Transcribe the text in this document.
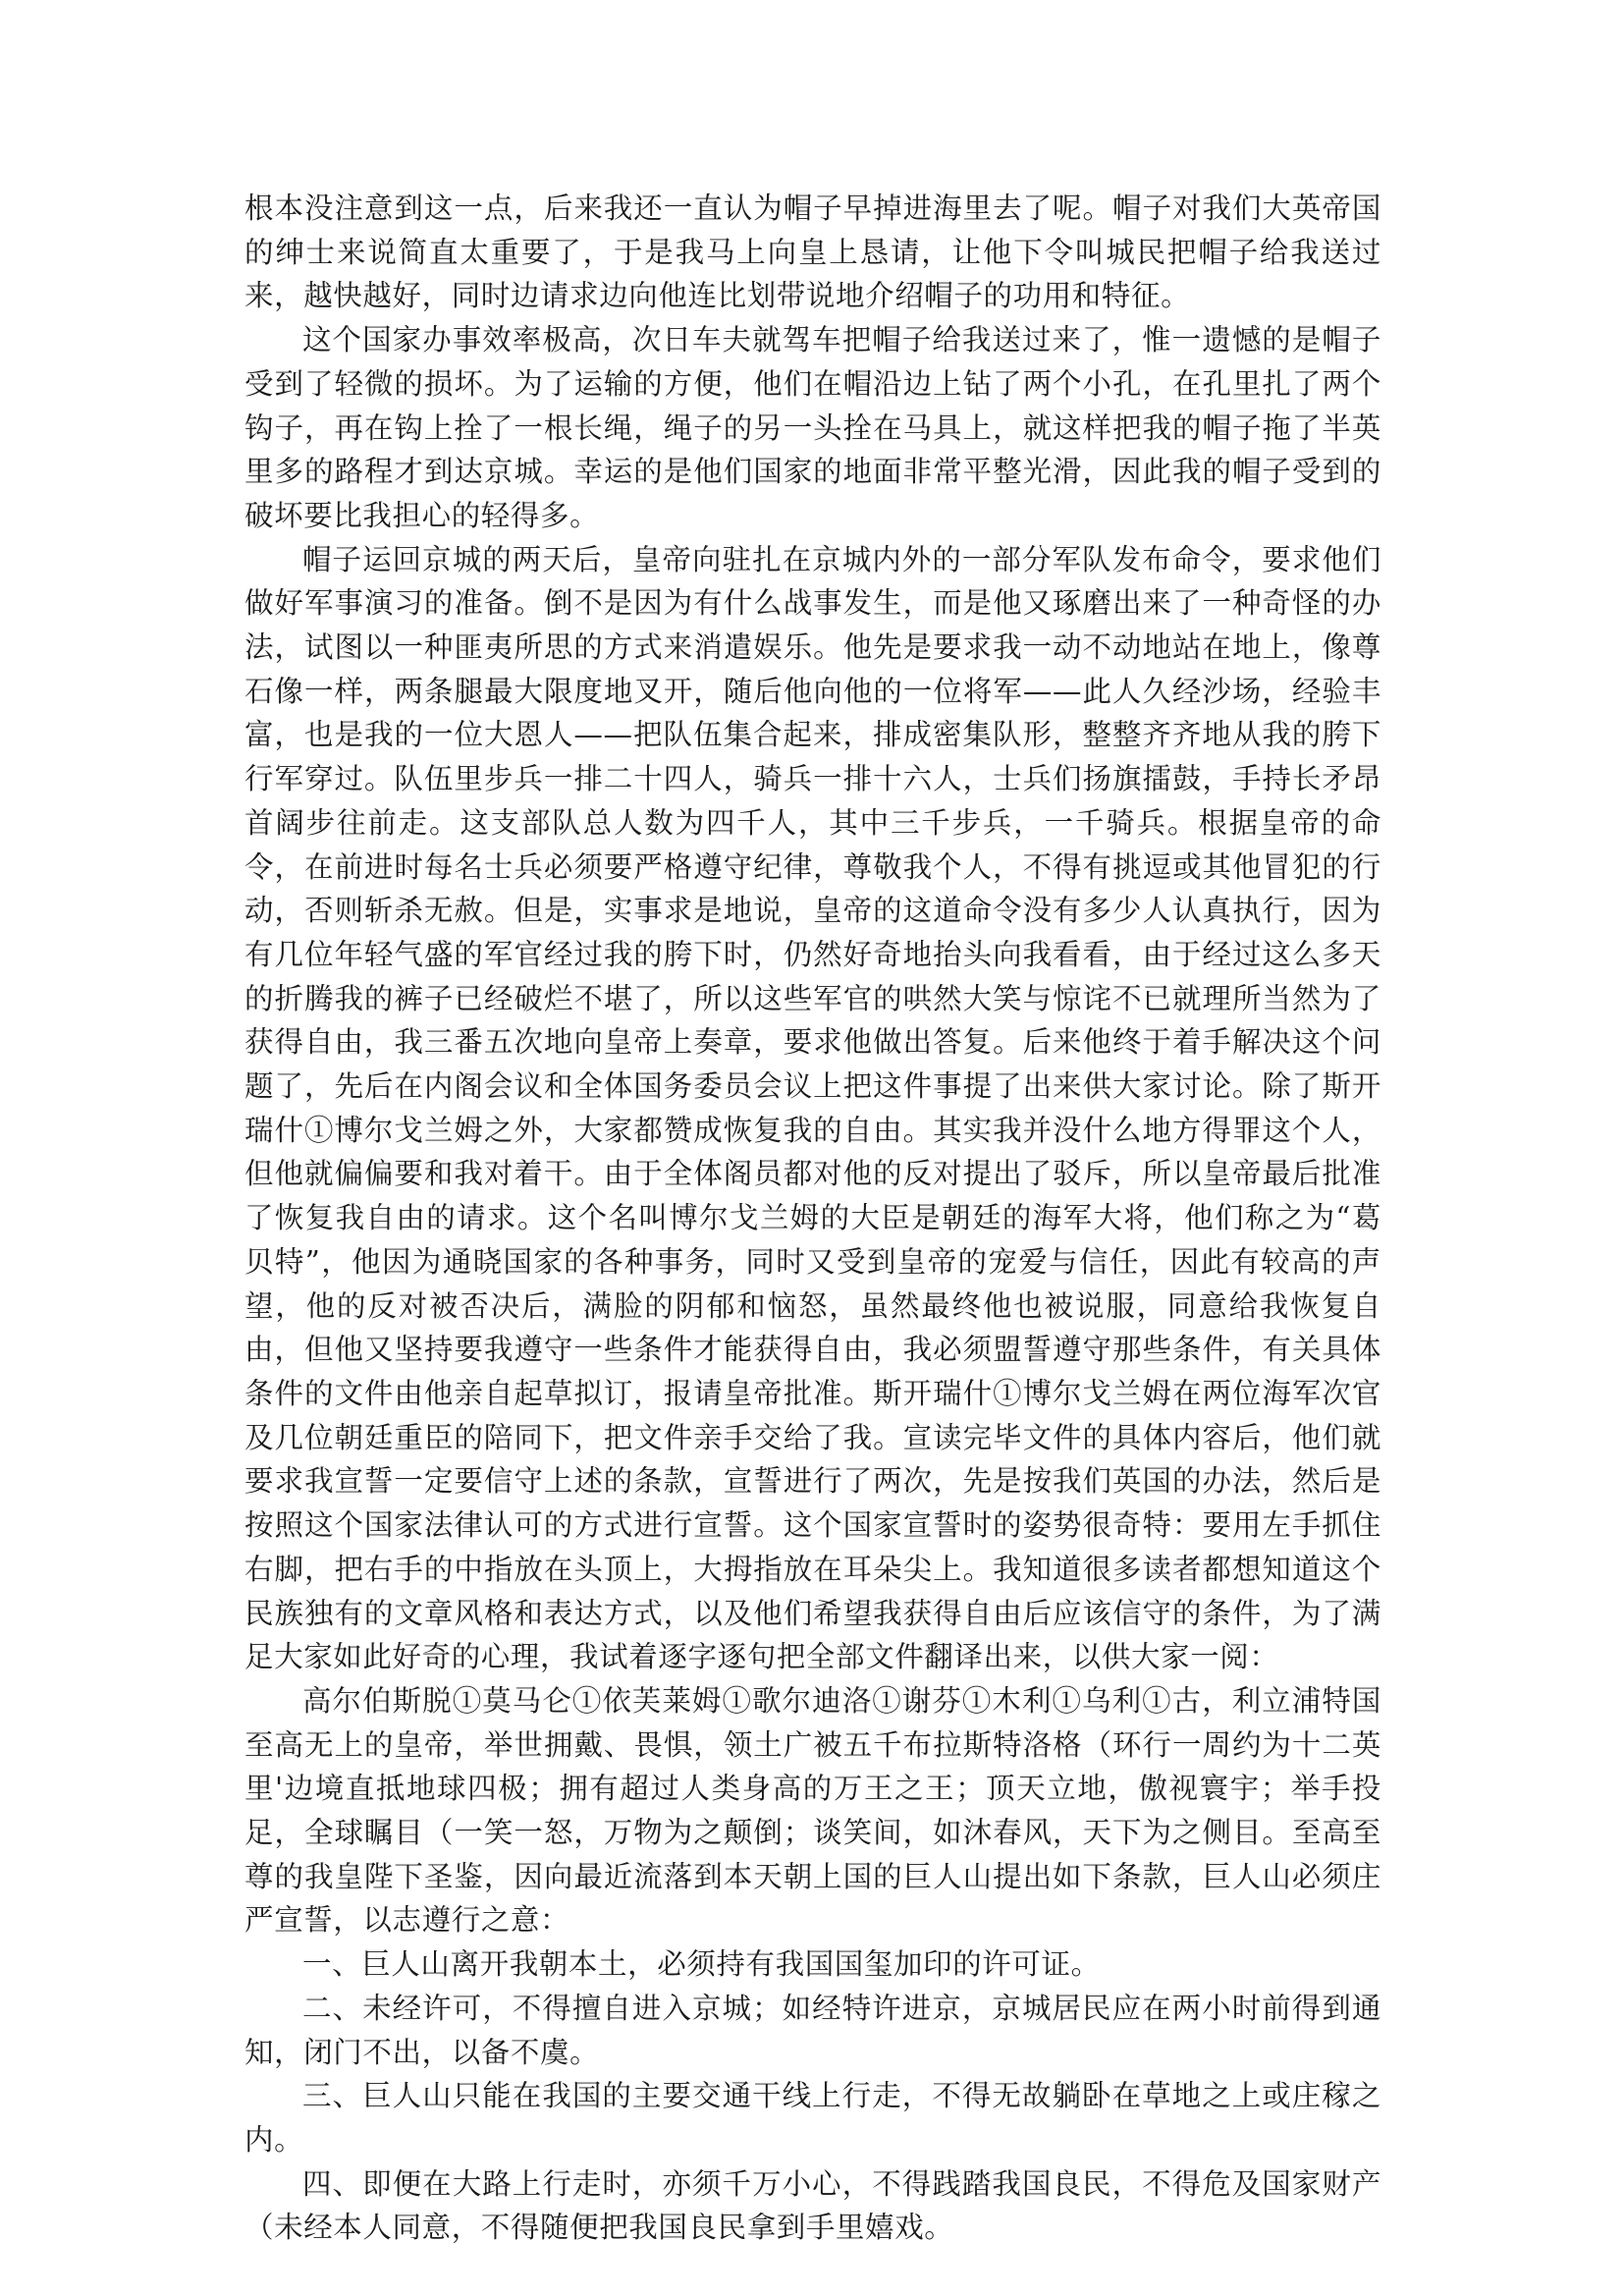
根本没注意到这一点，后来我还一直认为帽子早掉进海里去了呢。帽子对我们大英帝国的绅士来说简直太重要了，于是我马上向皇上恳请，让他下令叫城民把帽子给我送过来，越快越好，同时边请求边向他连比划带说地介绍帽子的功用和特征。

这个国家办事效率极高，次日车夫就驾车把帽子给我送过来了，惟一遗憾的是帽子受到了轻微的损坏。为了运输的方便，他们在帽沿边上钻了两个小孔，在孔里扎了两个钩子，再在钩上拴了一根长绳，绳子的另一头拴在马具上，就这样把我的帽子拖了半英里多的路程才到达京城。幸运的是他们国家的地面非常平整光滑，因此我的帽子受到的破坏要比我担心的轻得多。

帽子运回京城的两天后，皇帝向驻扎在京城内外的一部分军队发布命令，要求他们做好军事演习的准备。倒不是因为有什么战事发生，而是他又琢磨出来了一种奇怪的办法，试图以一种匪夷所思的方式来消遣娱乐。他先是要求我一动不动地站在地上，像尊石像一样，两条腿最大限度地叉开，随后他向他的一位将军——此人久经沙场，经验丰富，也是我的一位大恩人——把队伍集合起来，排成密集队形，整整齐齐地从我的胯下行军穿过。队伍里步兵一排二十四人，骑兵一排十六人，士兵们扬旗擂鼓，手持长矛昂首阔步往前走。这支部队总人数为四千人，其中三千步兵，一千骑兵。根据皇帝的命令，在前进时每名士兵必须要严格遵守纪律，尊敬我个人，不得有挑逗或其他冒犯的行动，否则斩杀无赦。但是，实事求是地说，皇帝的这道命令没有多少人认真执行，因为有几位年轻气盛的军官经过我的胯下时，仍然好奇地抬头向我看看，由于经过这么多天的折腾我的裤子已经破烂不堪了，所以这些军官的哄然大笑与惊诧不已就理所当然为了获得自由，我三番五次地向皇帝上奏章，要求他做出答复。后来他终于着手解决这个问题了，先后在内阁会议和全体国务委员会议上把这件事提了出来供大家讨论。除了斯开瑞什①博尔戈兰姆之外，大家都赞成恢复我的自由。其实我并没什么地方得罪这个人，但他就偏偏要和我对着干。由于全体阁员都对他的反对提出了驳斥，所以皇帝最后批准了恢复我自由的请求。这个名叫博尔戈兰姆的大臣是朝廷的海军大将，他们称之为“葛贝特”，他因为通晓国家的各种事务，同时又受到皇帝的宠爱与信任，因此有较高的声望，他的反对被否决后，满脸的阴郁和恼怒，虽然最终他也被说服，同意给我恢复自由，但他又坚持要我遵守一些条件才能获得自由，我必须盟誓遵守那些条件，有关具体条件的文件由他亲自起草拟订，报请皇帝批准。斯开瑞什①博尔戈兰姆在两位海军次官及几位朝廷重臣的陪同下，把文件亲手交给了我。宣读完毕文件的具体内容后，他们就要求我宣誓一定要信守上述的条款，宣誓进行了两次，先是按我们英国的办法，然后是按照这个国家法律认可的方式进行宣誓。这个国家宣誓时的姿势很奇特：要用左手抓住右脚，把右手的中指放在头顶上，大拇指放在耳朵尖上。我知道很多读者都想知道这个民族独有的文章风格和表达方式，以及他们希望我获得自由后应该信守的条件，为了满足大家如此好奇的心理，我试着逐字逐句把全部文件翻译出来，以供大家一阅：

高尔伯斯脱①莫马仑①依芙莱姆①歌尔迪洛①谢芬①木利①乌利①古，利立浦特国至高无上的皇帝，举世拥戴、畏惧，领土广被五千布拉斯特洛格（环行一周约为十二英里'边境直抵地球四极；拥有超过人类身高的万王之王；顶天立地，傲视寰宇；举手投足，全球瞩目（一笑一怒，万物为之颠倒；谈笑间，如沐春风，天下为之侧目。至高至尊的我皇陛下圣鉴，因向最近流落到本天朝上国的巨人山提出如下条款，巨人山必须庄严宣誓，以志遵行之意：

一、巨人山离开我朝本土，必须持有我国国玺加印的许可证。

二、未经许可，不得擅自进入京城；如经特许进京，京城居民应在两小时前得到通知，闭门不出，以备不虞。

三、巨人山只能在我国的主要交通干线上行走，不得无故躺卧在草地之上或庄稼之内。

四、即便在大路上行走时，亦须千万小心，不得践踏我国良民，不得危及国家财产（未经本人同意，不得随便把我国良民拿到手里嬉戏。
